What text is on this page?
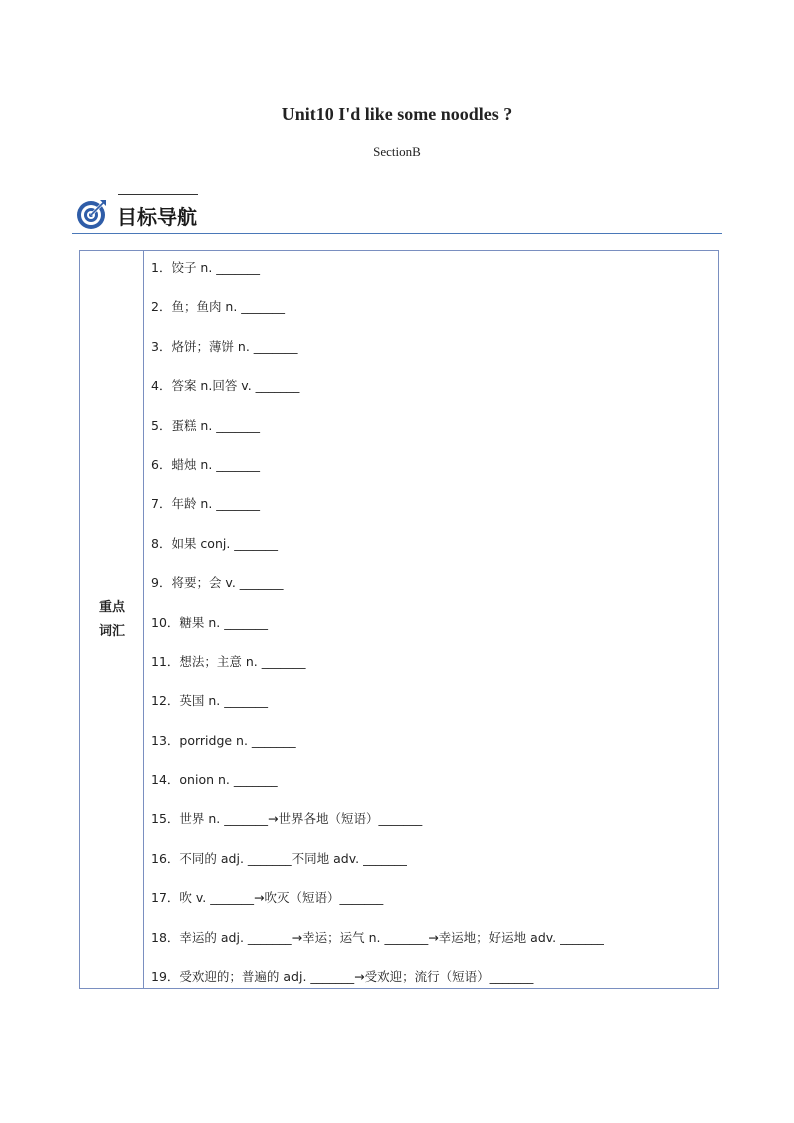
Unit10 I'd like some noodles ?
SectionB
目标导航
重点
词汇
1．饺子 n. _______
2．鱼；鱼肉 n. _______
3．烙饼；薄饼 n. _______
4．答案 n.回答 v. _______
5．蛋糕 n. _______
6．蜡烛 n. _______
7．年龄 n. _______
8．如果 conj. _______
9．将要；会 v. _______
10．糖果 n. _______
11．想法；主意 n. _______
12．英国 n. _______
13．porridge n. _______
14．onion n. _______
15．世界 n. _______→世界各地（短语）_______
16．不同的 adj. _______不同地 adv. _______
17．吹 v. _______→吹灭（短语）_______
18．幸运的 adj. _______→幸运；运气 n. _______→幸运地；好运地 adv. _______
19．受欢迎的；普遍的 adj. _______→受欢迎；流行（短语）_______
